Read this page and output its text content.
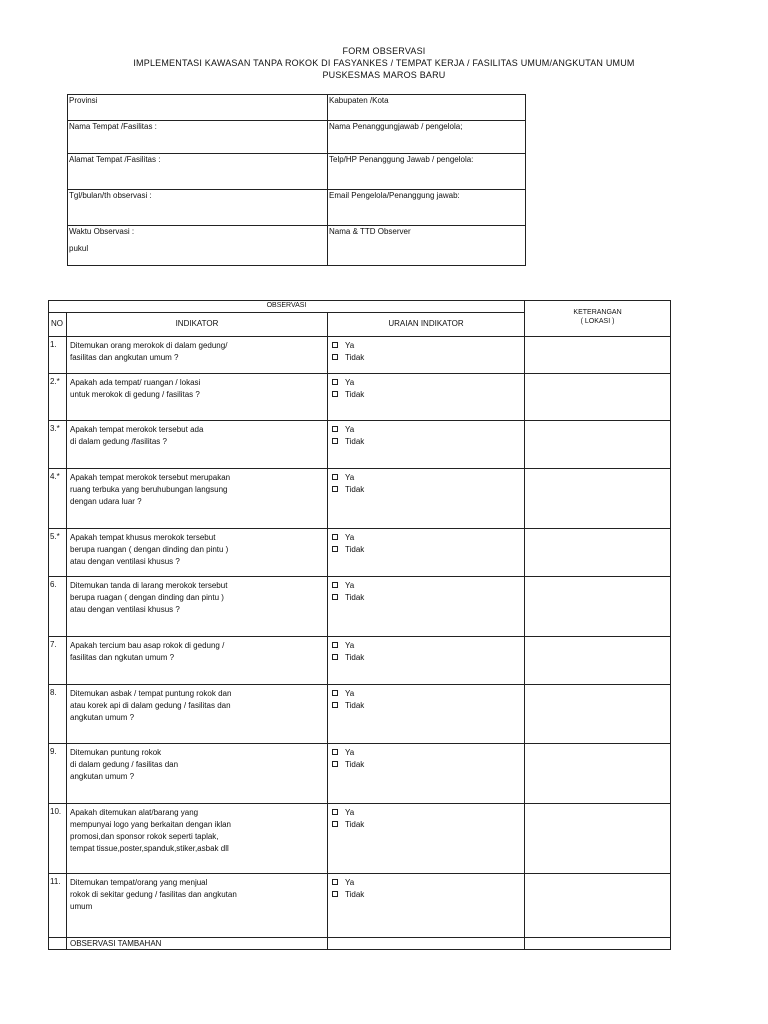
FORM OBSERVASI
IMPLEMENTASI KAWASAN TANPA ROKOK DI FASYANKES / TEMPAT KERJA / FASILITAS UMUM/ANGKUTAN UMUM
PUSKESMAS MAROS BARU
Provinsi	Kabupaten /Kota
Nama Tempat /Fasilitas :	Nama Penanggungjawab / pengelola;
Alamat Tempat /Fasilitas :	Telp/HP Penanggung Jawab / pengelola:
Tgl/bulan/th observasi :	Email Pengelola/Penanggung jawab:
Waktu Observasi :
pukul	Nama & TTD Observer
OBSERVASI			KETERANGAN
( LOKASI )

NO	INDIKATOR	URAIAN INDIKATOR	
1.	Ditemukan orang merokok di dalam gedung/
fasilitas dan angkutan umum ?	Ya
Tidak	

2.*	Apakah ada tempat/ ruangan / lokasi
untuk merokok di gedung / fasilitas ?	Ya
Tidak	

3.*	Apakah tempat merokok tersebut ada
di dalam gedung /fasilitas ?	Ya
Tidak	

4.*	Apakah tempat merokok tersebut merupakan
ruang terbuka yang beruhubungan langsung
dengan udara luar ?	Ya
Tidak	

5.*	Apakah tempat khusus merokok tersebut
berupa ruangan ( dengan dinding dan pintu )
atau dengan ventilasi khusus ?	Ya
Tidak	

6.	Ditemukan tanda di larang merokok tersebut
berupa ruagan ( dengan dinding dan pintu )
atau dengan ventilasi khusus ?	Ya
Tidak	

7.	Apakah tercium bau asap rokok di gedung /
fasilitas dan ngkutan umum ?	Ya
Tidak	

8.	Ditemukan asbak / tempat puntung rokok dan
atau korek api di dalam gedung / fasilitas dan
angkutan umum ?	Ya
Tidak	

9.	Ditemukan puntung rokok
di dalam gedung / fasilitas dan
angkutan umum ?	Ya
Tidak	

10.	Apakah ditemukan alat/barang yang
mempunyai logo yang berkaitan dengan iklan
promosi,dan sponsor rokok seperti taplak,
tempat tissue,poster,spanduk,stiker,asbak dll	Ya
Tidak	

11.	Ditemukan tempat/orang yang menjual
rokok di sekitar gedung / fasilitas dan angkutan
umum	Ya
Tidak	

	OBSERVASI TAMBAHAN		
